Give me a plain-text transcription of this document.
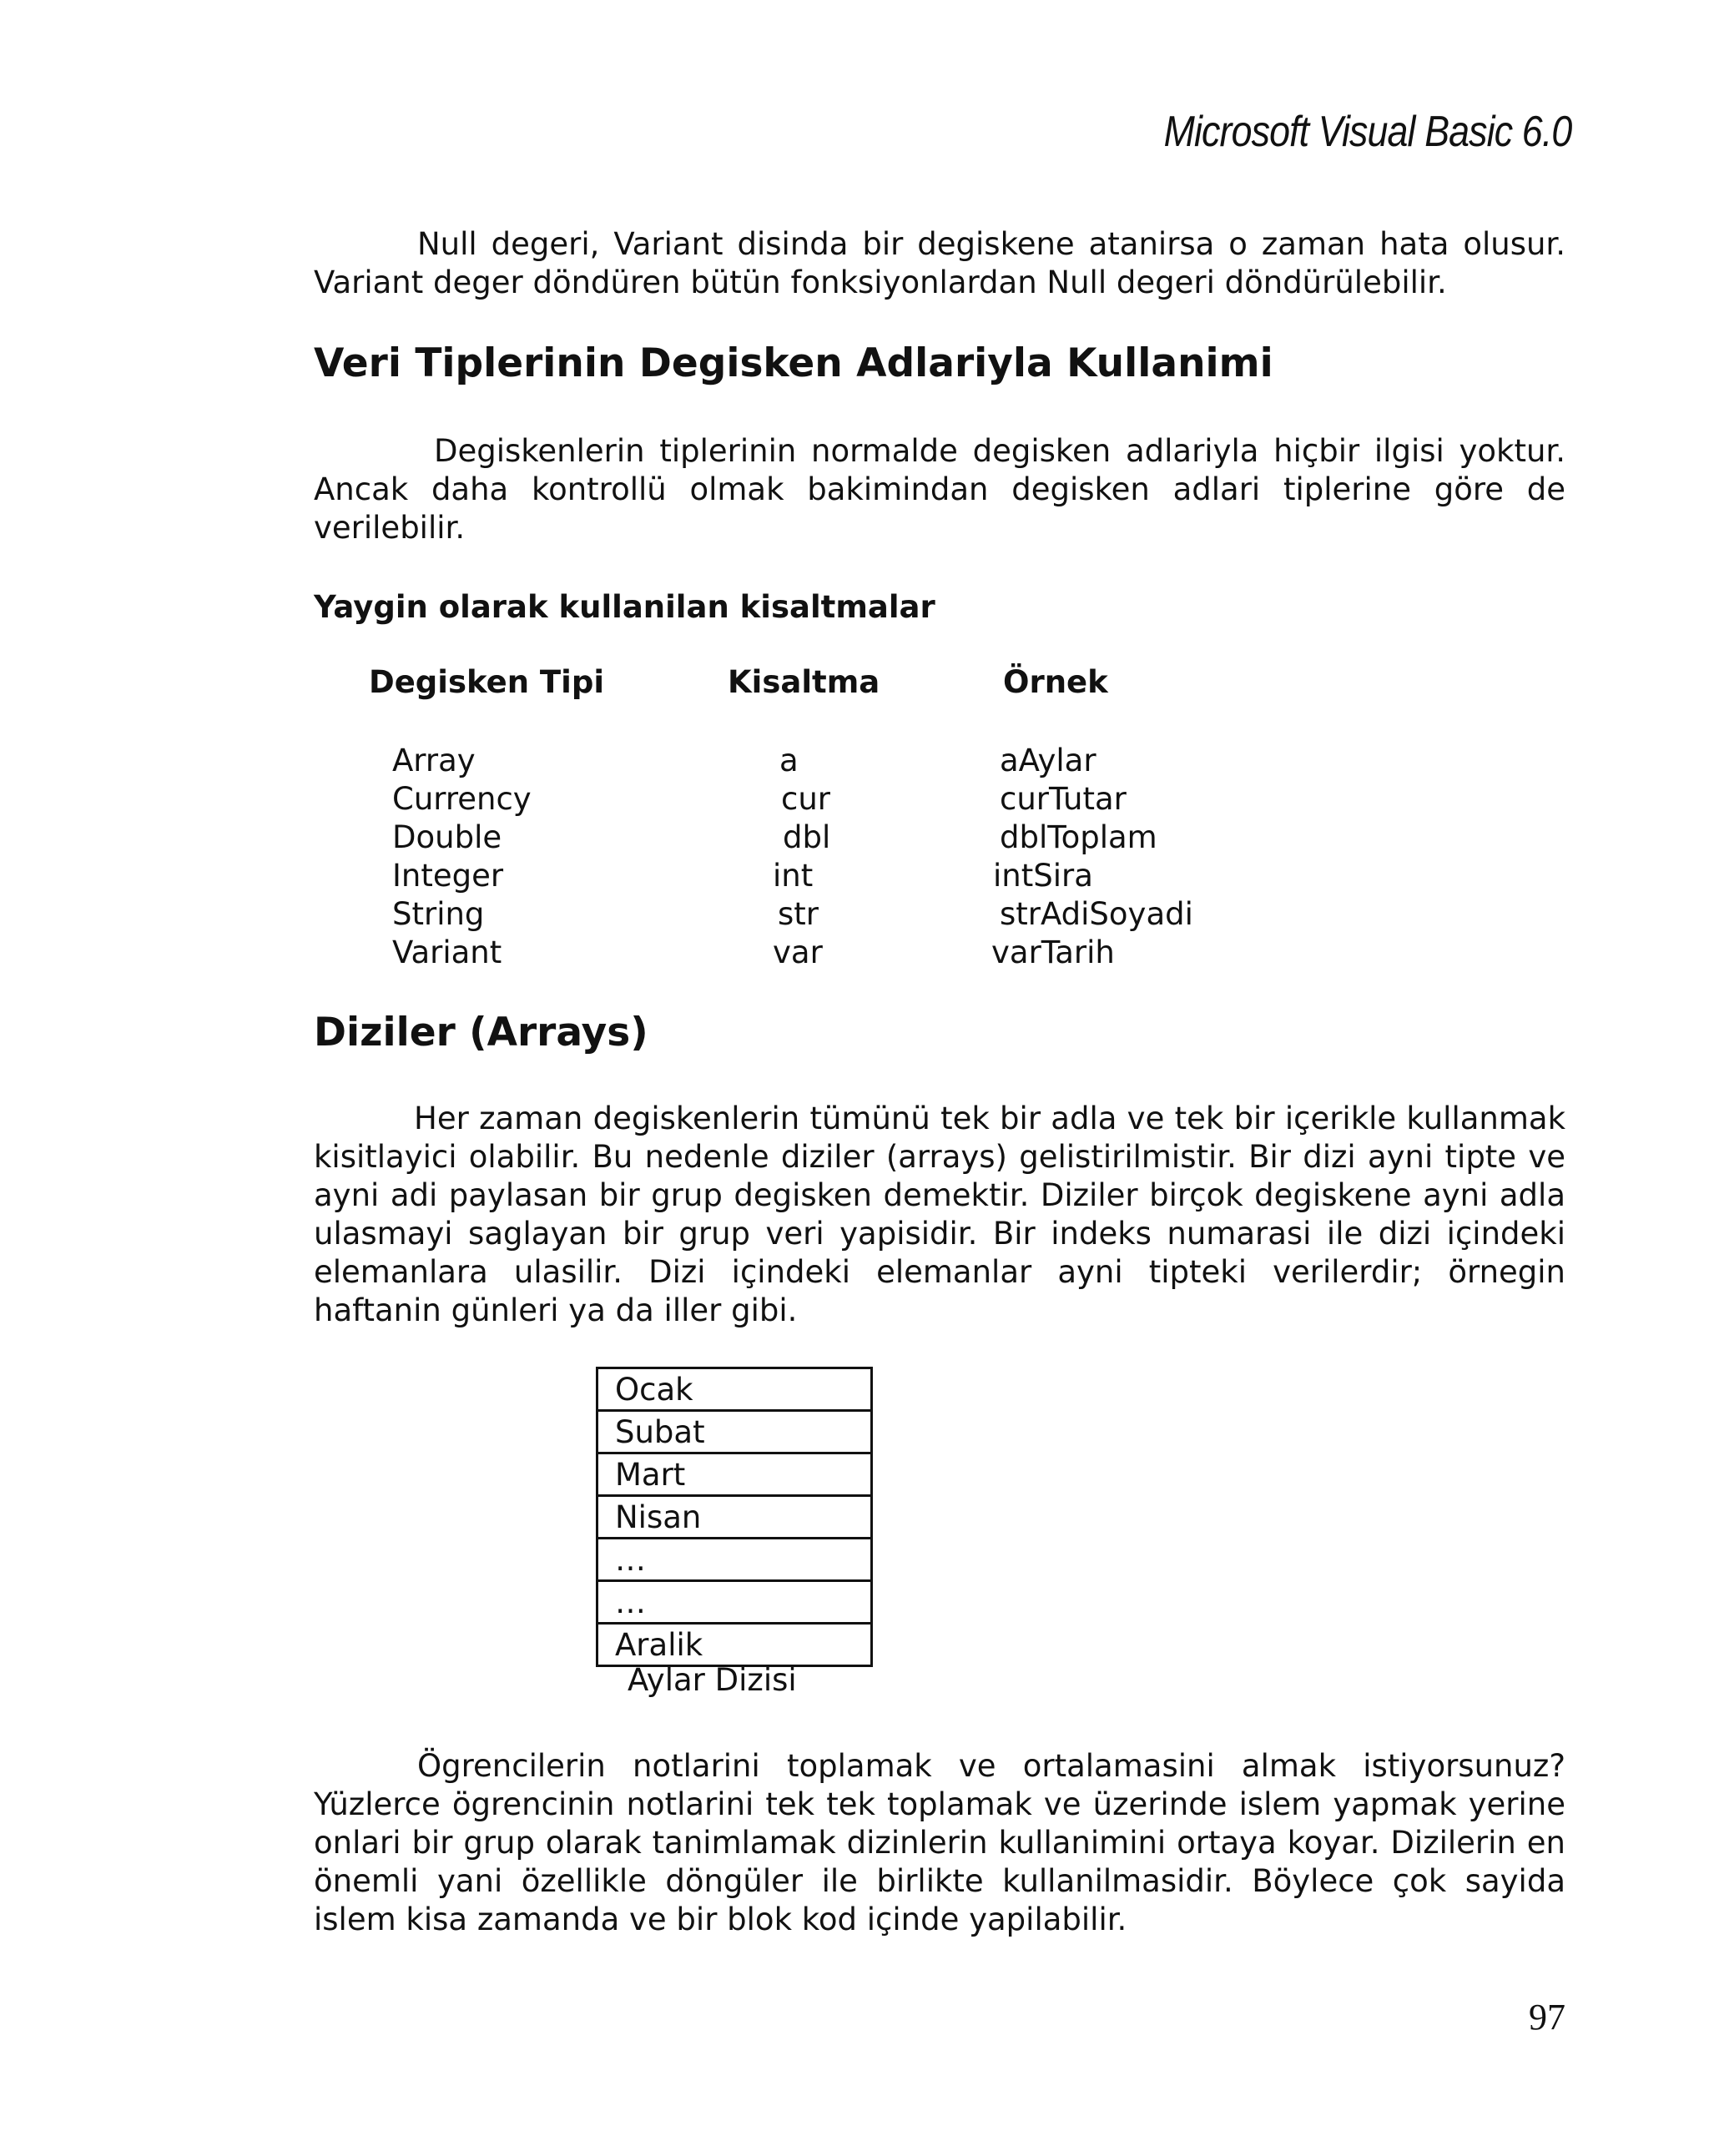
Microsoft Visual Basic 6.0

Null degeri, Variant disinda bir degiskene atanirsa o zaman hata olusur. Variant deger döndüren bütün fonksiyonlardan Null degeri döndürülebilir.

Veri Tiplerinin Degisken Adlariyla Kullanimi

Degiskenlerin tiplerinin normalde degisken adlariyla hiçbir ilgisi yoktur. Ancak daha kontrollü olmak bakimindan degisken adlari tiplerine göre de verilebilir.

Yaygin olarak kullanilan kisaltmalar
Degisken Tipi	Kisaltma	Örnek
Array	a	aAylar
Currency	cur	curTutar
Double	dbl	dblToplam
Integer	int	intSira
String	str	strAdiSoyadi
Variant	var	varTarih
Diziler (Arrays)

Her zaman degiskenlerin tümünü tek bir adla ve tek bir içerikle kullanmak kisitlayici olabilir. Bu nedenle diziler (arrays) gelistirilmistir. Bir dizi ayni tipte ve ayni adi paylasan bir grup degisken demektir. Diziler birçok degiskene ayni adla ulasmayi saglayan bir grup veri yapisidir. Bir indeks numarasi ile dizi içindeki elemanlara ulasilir. Dizi içindeki elemanlar ayni tipteki verilerdir; örnegin haftanin günleri ya da iller gibi.

Ocak
Subat
Mart
Nisan
…
…
Aralik
Aylar Dizisi

Ögrencilerin notlarini toplamak ve ortalamasini almak istiyorsunuz?Yüzlerce ögrencinin notlarini tek tek toplamak ve üzerinde islem yapmak yerine onlari bir grup olarak tanimlamak dizinlerin kullanimini ortaya koyar. Dizilerin en önemli yani özellikle döngüler ile birlikte kullanilmasidir. Böylece çok sayida islem kisa zamanda ve bir blok kod içinde yapilabilir.

97
